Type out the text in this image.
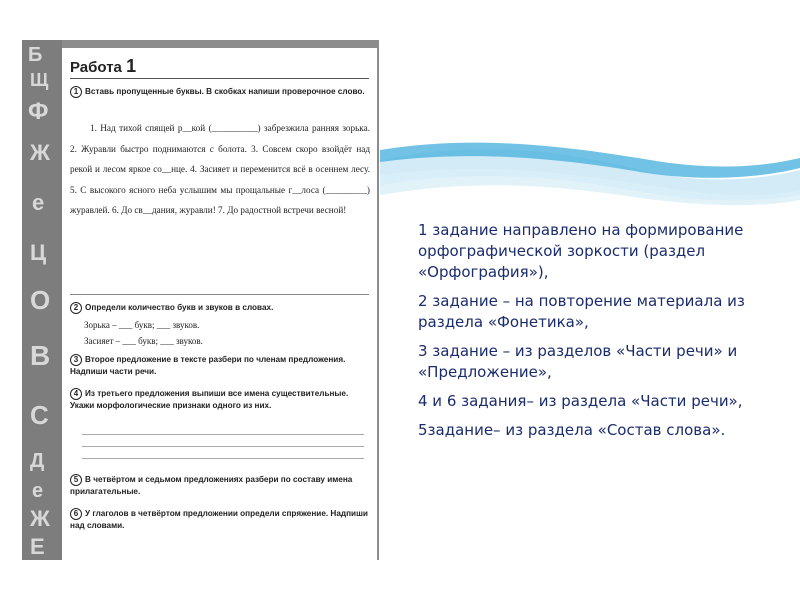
Б
Щ
Ф
Ж
е
Ц
О
В
С
Д
е
Ж
Е
Работа 1
1 Вставь пропущенные буквы. В скобках напиши проверочное слово.

1. Над тихой спящей р__кой (__________) забрезжила ранняя зорька. 2. Журавли быстро поднимаются с болота. 3. Совсем скоро взойдёт над рекой и лесом яркое со__нце. 4. Засияет и переменится всё в осеннем лесу. 5. С высокого ясного неба услышим мы прощальные г__лоса (_________) журавлей. 6. До св__дания, журавли! 7. До радостной встречи весной!

2 Определи количество букв и звуков в словах.
Зорька – ___ букв; ___ звуков.
Засияет – ___ букв; ___ звуков.
3 Второе предложение в тексте разбери по членам предложения. Надпиши части речи.
4 Из третьего предложения выпиши все имена существительные. Укажи морфологические признаки одного из них.
5 В четвёртом и седьмом предложениях разбери по составу имена прилагательные.
6 У глаголов в четвёртом предложении определи спряжение. Надпиши над словами.

1 задание направлено на формирование орфографической зоркости (раздел «Орфография»),

2 задание – на повторение материала из раздела «Фонетика»,

3 задание – из разделов «Части речи» и «Предложение»,

4 и 6 задания– из раздела «Части речи»,

5задание– из раздела «Состав слова».
